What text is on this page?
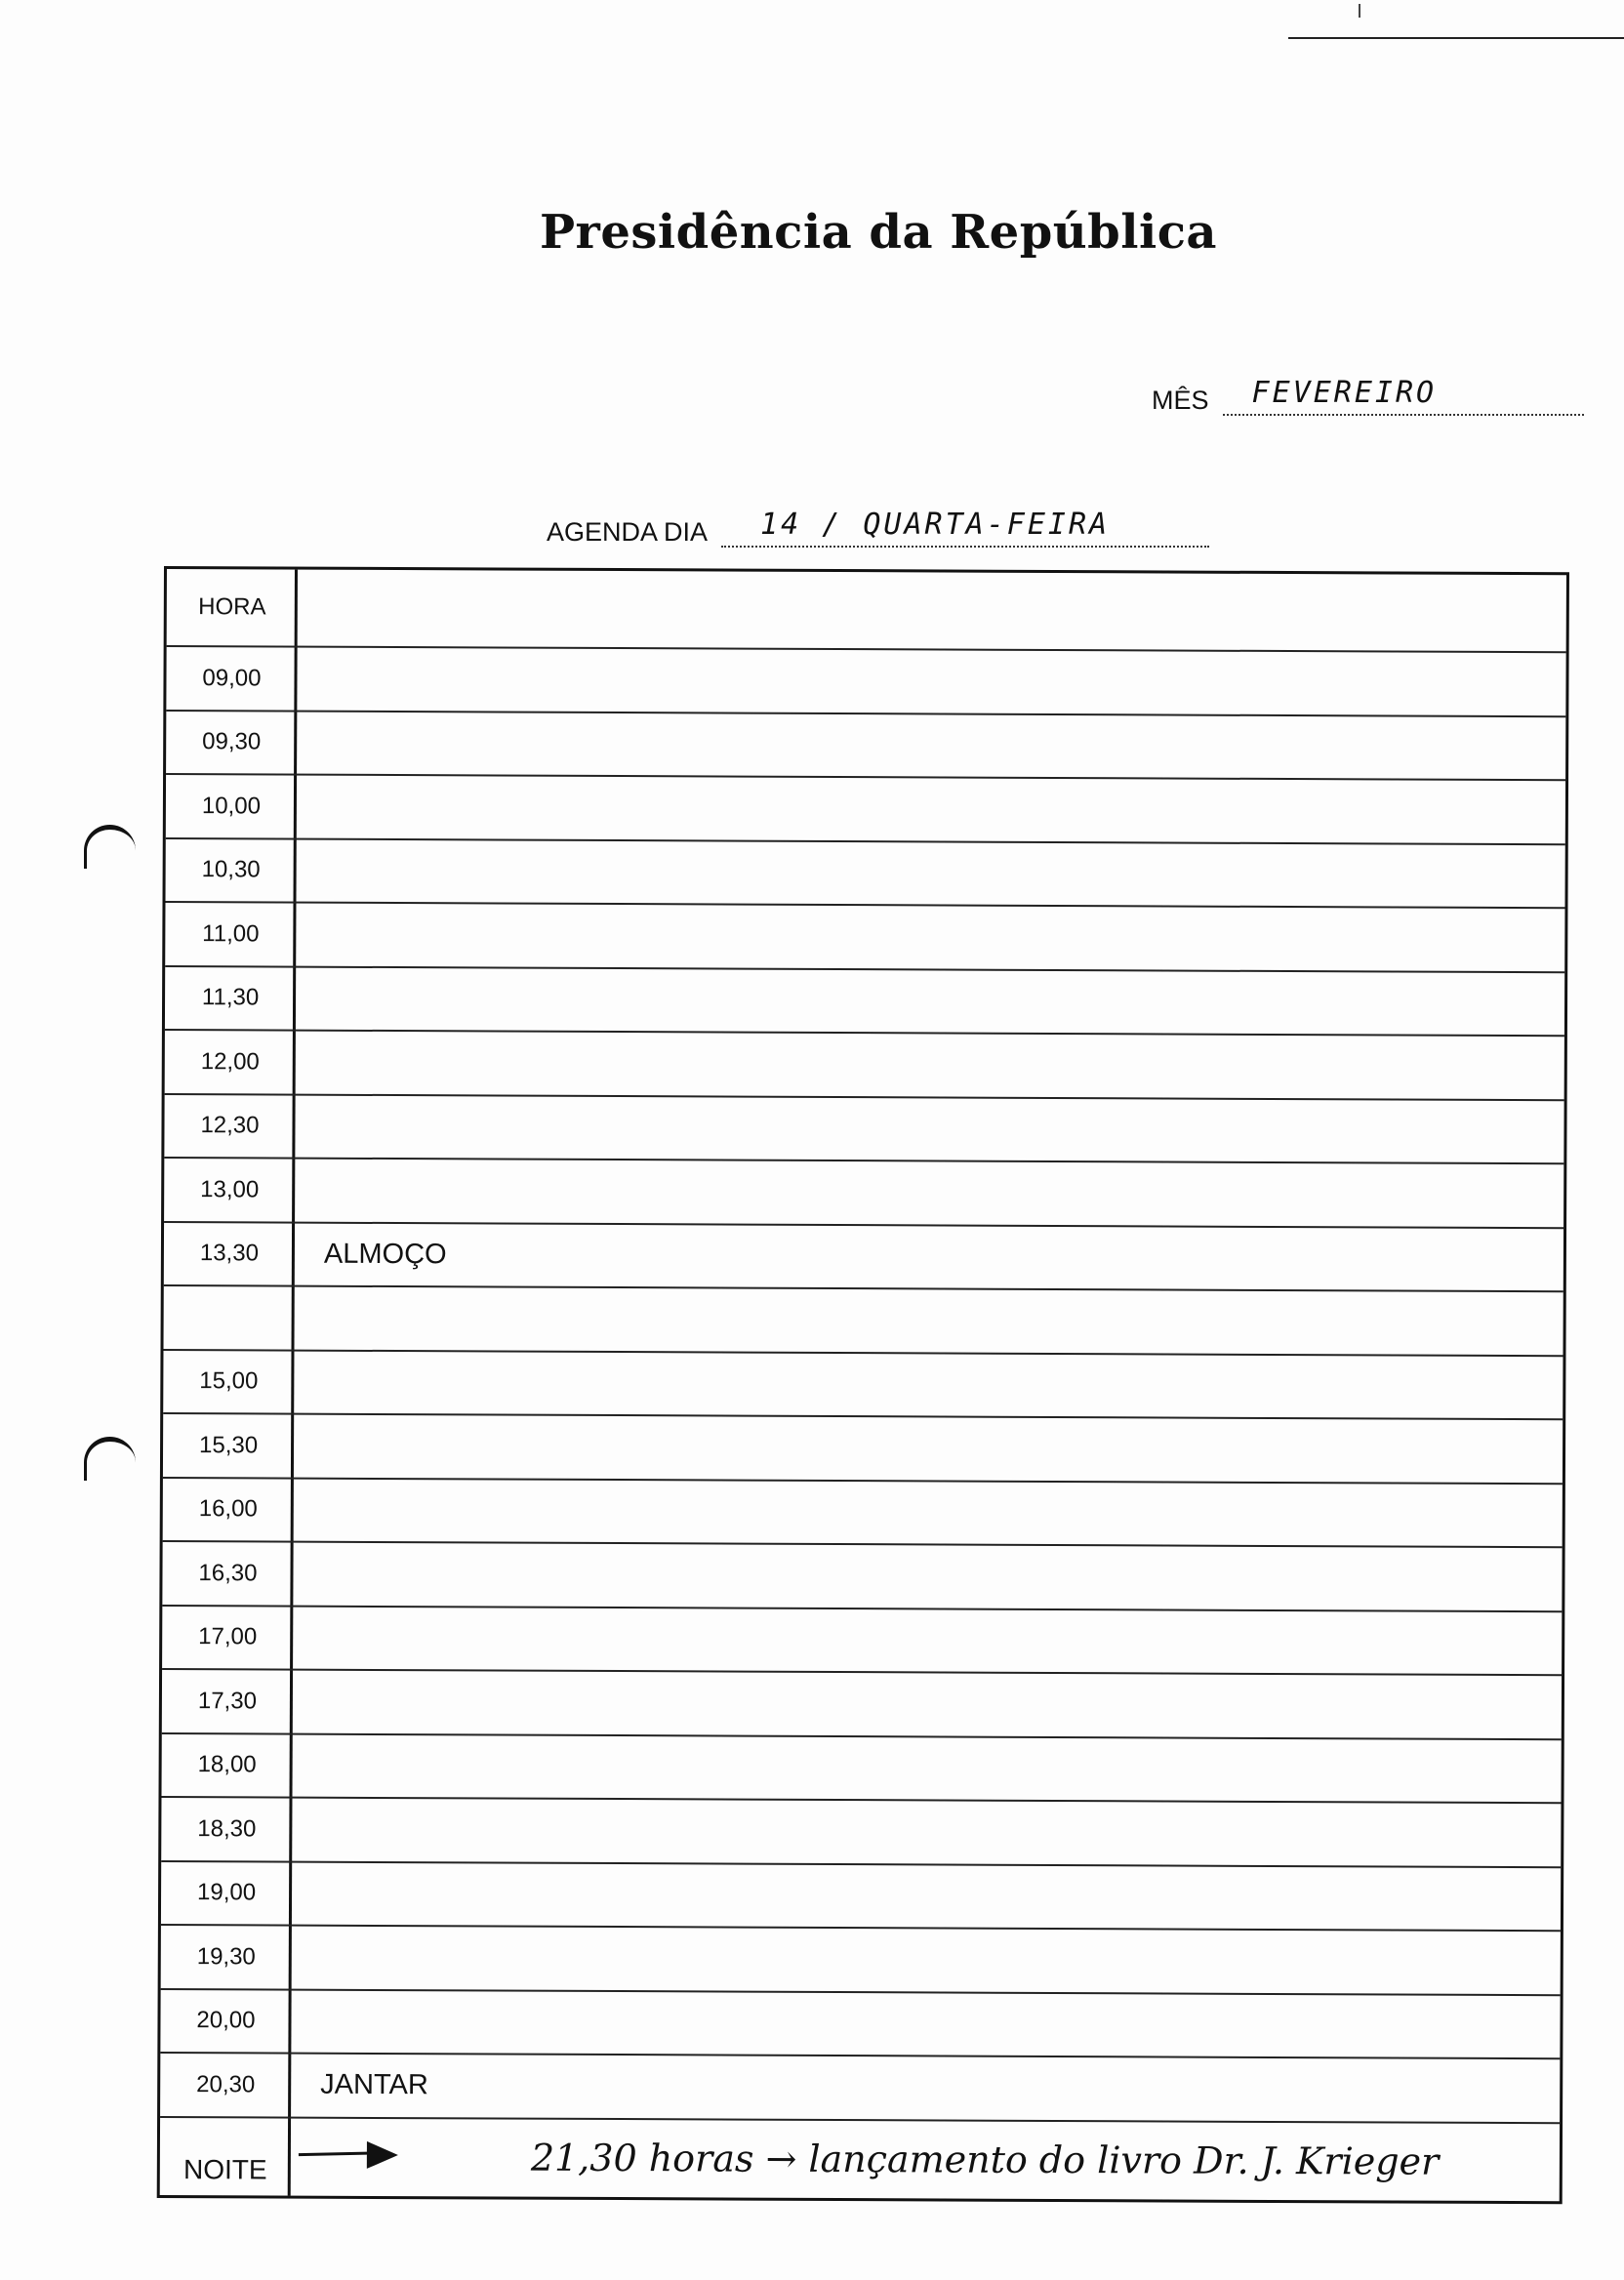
Presidência da República
MÊS	FEVEREIRO
AGENDA DIA	14 / QUARTA-FEIRA
HORA
09,00
09,30
10,00
10,30
11,00
11,30
12,00
12,30
13,00
13,30	ALMOÇO
15,00
15,30
16,00
16,30
17,00
17,30
18,00
18,30
19,00
19,30
20,00
20,30	JANTAR
NOITE	21,30 horas → lançamento do livro Dr. J. Krieger
